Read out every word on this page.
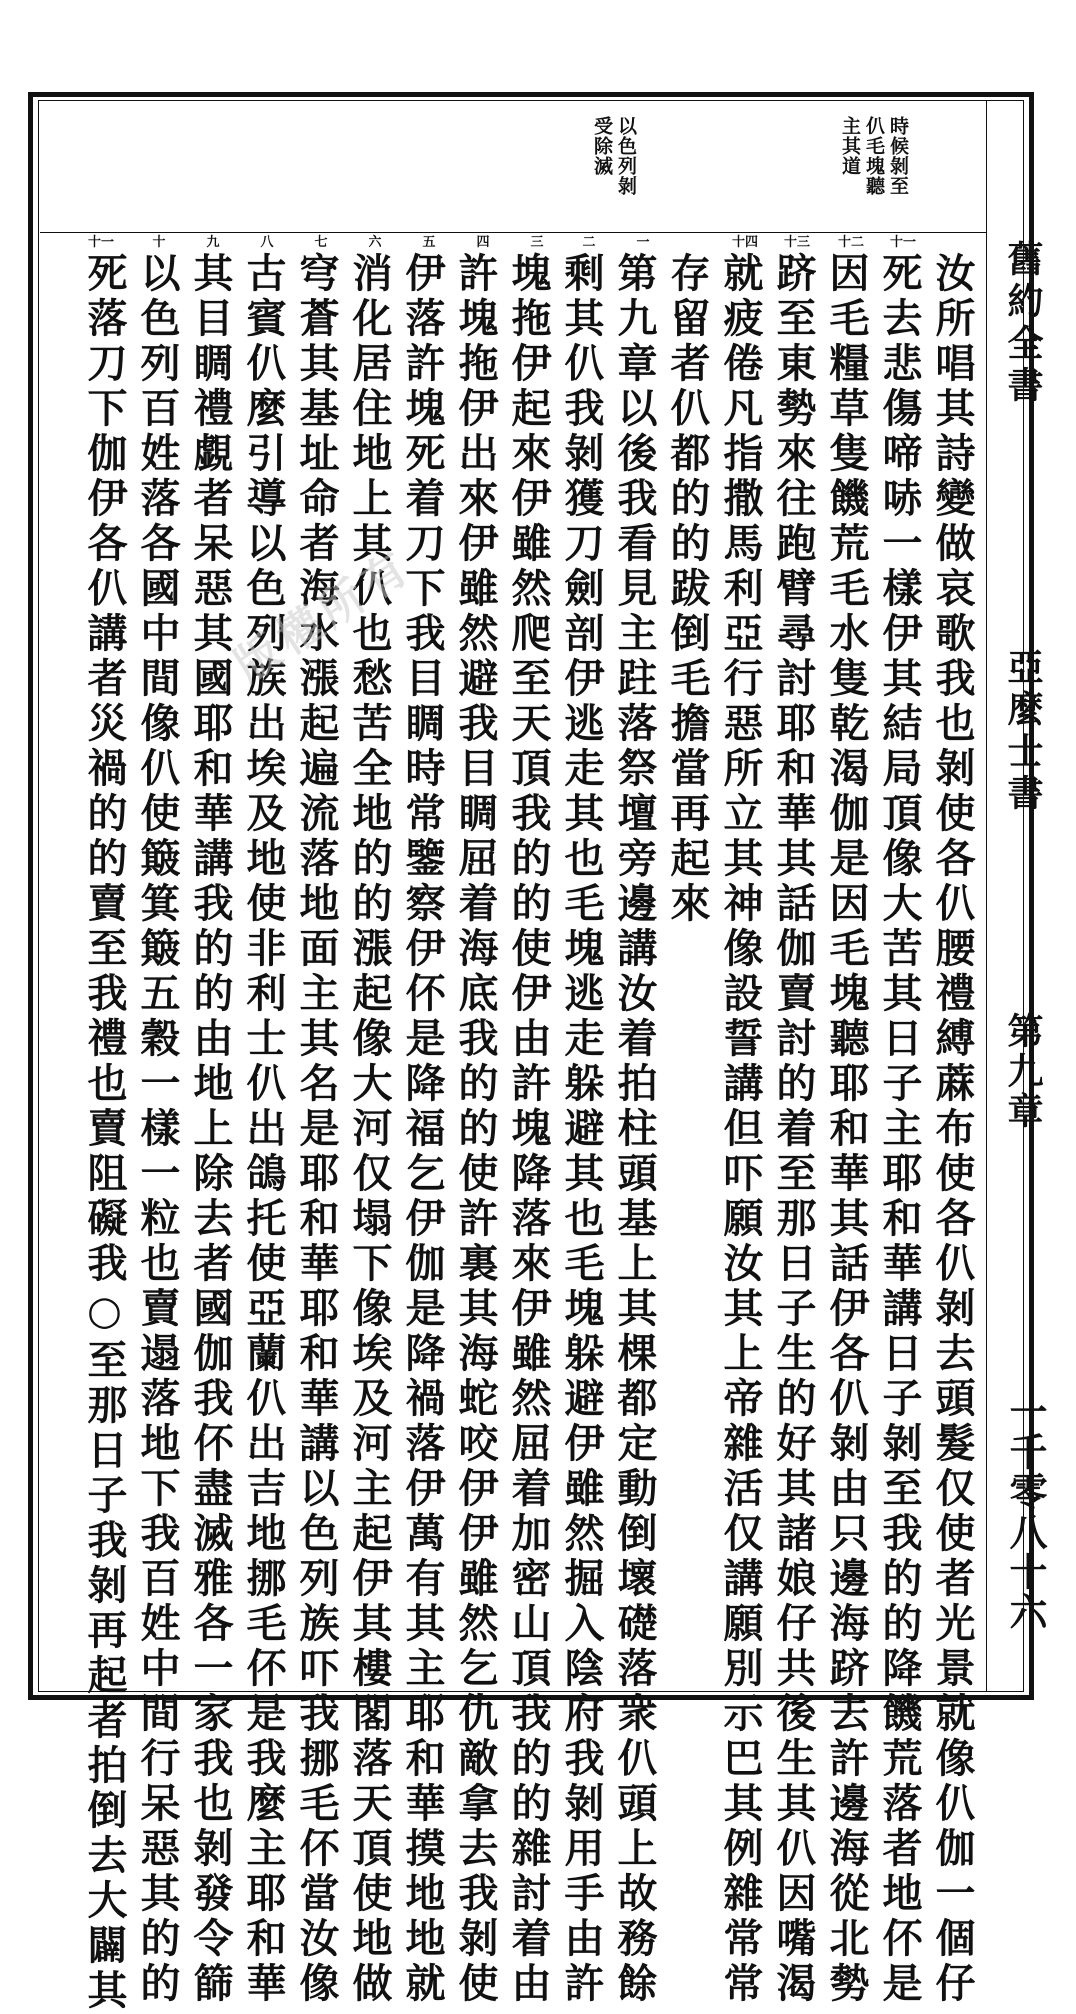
舊約全書
亞麼士書
第九章
一千零八十六
時候剝至
仈毛塊聽
主其道
以色列剝
受除滅
十四 十三 十二 十一
一
二
三
四
五
六
七
八
九
十
十一
汝所唱其詩變做哀歌我也剝使各仈腰禮縛蔴布使各仈剝去頭髮仅使者光景就像仈伽一個仔
死去悲傷啼哧一樣伊其結局頂像大苦其日子主耶和華講日子剝至我的的降饑荒落者地伓是
因毛糧草隻饑荒毛水隻乾渴伽是因毛塊聽耶和華其話伊各仈剝由只邊海跻去許邊海從北勢
跻至東勢來往跑臂尋討耶和華其話伽賣討的着至那日子生的好其諸娘仔共後生其仈因嘴渴
就疲倦凡指撒馬利亞行惡所立其神像設誓講但吓願汝其上帝雜活仅講願別示巴其例雜常常
存留者仈都的的跋倒毛擔當再起來
第九章以後我看見主跓落祭壇旁邊講汝着拍柱頭基上其棵都定動倒壞礎落衆仈頭上故務餘
剩其仈我剝獲刀劍剖伊逃走其也毛塊逃走躲避其也毛塊躲避伊雖然掘入陰府我剝用手由許
塊拖伊起來伊雖然爬至天頂我的的使伊由許塊降落來伊雖然屈着加密山頂我的的雜討着由
許塊拖伊出來伊雖然避我目睭屈着海底我的的使許裏其海蛇咬伊伊雖然乞仇敵拿去我剝使
伊落許塊死着刀下我目睭時常鑒察伊伓是降福乞伊伽是降禍落伊萬有其主耶和華摸地地就
消化居住地上其仈也愁苦全地的的漲起像大河仅塌下像埃及河主起伊其樓閣落天頂使地做
穹蒼其基址命者海水漲起遍流落地面主其名是耶和華耶和華講以色列族吓我挪毛伓當汝像
古賓仈麼引導以色列族出埃及地使非利士仈出鴿托使亞蘭仈出吉地挪毛伓是我麼主耶和華
其目睭禮覷者呆惡其國耶和華講我的的由地上除去者國伽我伓盡滅雅各一家我也剝發令篩
以色列百姓落各國中間像仈使簸箕簸五穀一樣一粒也賣遢落地下我百姓中間行呆惡其的的
死落刀下伽伊各仈講者災禍的的賣至我禮也賣阻礙我○至那日子我剝再起者拍倒去大闢其 版權所有
